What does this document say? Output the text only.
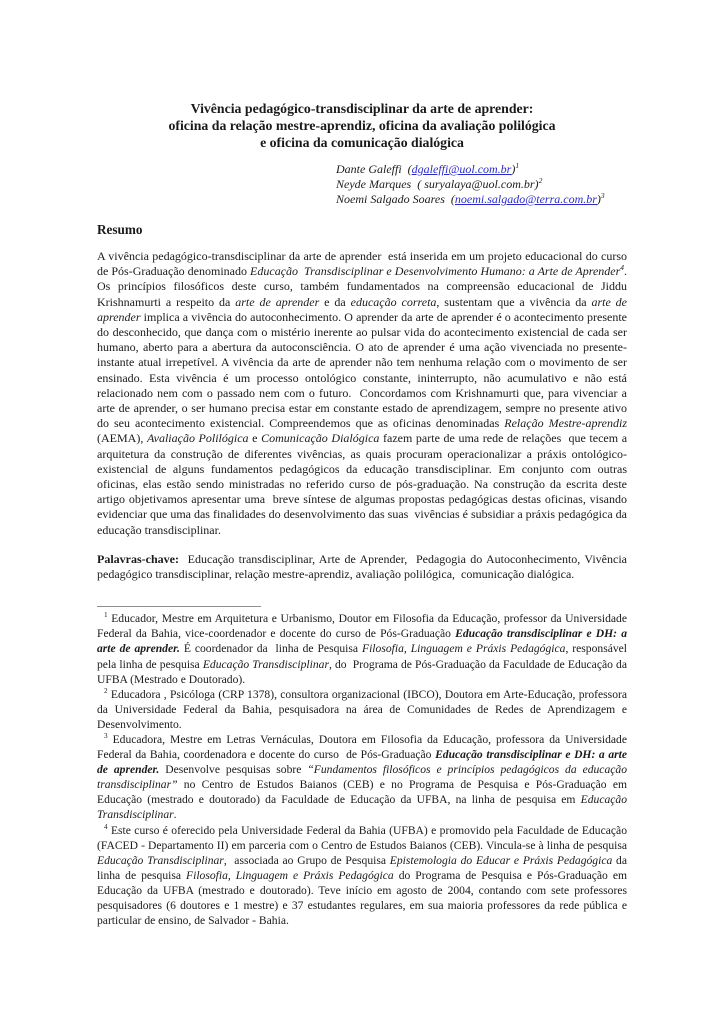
Vivência pedagógico-transdisciplinar da arte de aprender:
oficina da relação mestre-aprendiz, oficina da avaliação polilógica
e oficina da comunicação dialógica

Dante Galeffi  (dgaleffi@uol.com.br)$^1$

Neyde Marques  ( suryalaya@uol.com.br)$^2$

Noemi Salgado Soares  (noemi.salgado@terra.com.br)$^3$

Resumo

A vivência pedagógico-transdisciplinar da arte de aprender  está inserida em um projeto educacional do curso de Pós-Graduação denominado Educação  Transdisciplinar e Desenvolvimento Humano: a Arte de Aprender$^4$. Os princípios filosóficos deste curso, também fundamentados na compreensão educacional de Jiddu Krishnamurti a respeito da arte de aprender e da educação correta, sustentam que a vivência da arte de aprender implica a vivência do autoconhecimento. O aprender da arte de aprender é o acontecimento presente do desconhecido, que dança com o mistério inerente ao pulsar vida do acontecimento existencial de cada ser humano, aberto para a abertura da autoconsciência. O ato de aprender é uma ação vivenciada no presente-instante atual irrepetível. A vivência da arte de aprender não tem nenhuma relação com o movimento de ser ensinado. Esta vivência é um processo ontológico constante, ininterrupto, não acumulativo e não está relacionado nem com o passado nem com o futuro.  Concordamos com Krishnamurti que, para vivenciar a arte de aprender, o ser humano precisa estar em constante estado de aprendizagem, sempre no presente ativo do seu acontecimento existencial. Compreendemos que as oficinas denominadas Relação Mestre-aprendiz (AEMA), Avaliação Polilógica e Comunicação Dialógica fazem parte de uma rede de relações  que tecem a arquitetura da construção de diferentes vivências, as quais procuram operacionalizar a práxis ontológico-existencial de alguns fundamentos pedagógicos da educação transdisciplinar. Em conjunto com outras oficinas, elas estão sendo ministradas no referido curso de pós-graduação. Na construção da escrita deste artigo objetivamos apresentar uma  breve síntese de algumas propostas pedagógicas destas oficinas, visando evidenciar que uma das finalidades do desenvolvimento das suas  vivências é subsidiar a práxis pedagógica da educação transdisciplinar.

Palavras-chave:  Educação transdisciplinar, Arte de Aprender,  Pedagogia do Autoconhecimento, Vivência pedagógico transdisciplinar, relação mestre-aprendiz, avaliação polilógica,  comunicação dialógica.

$^1$ Educador, Mestre em Arquitetura e Urbanismo, Doutor em Filosofia da Educação, professor da Universidade Federal da Bahia, vice-coordenador e docente do curso de Pós-Graduação Educação transdisciplinar e DH: a arte de aprender. É coordenador da  linha de Pesquisa Filosofia, Linguagem e Práxis Pedagógica, responsável pela linha de pesquisa Educação Transdisciplinar, do  Programa de Pós-Graduação da Faculdade de Educação da UFBA (Mestrado e Doutorado).

$^2$ Educadora , Psicóloga (CRP 1378), consultora organizacional (IBCO), Doutora em Arte-Educação, professora da Universidade Federal da Bahia, pesquisadora na área de Comunidades de Redes de Aprendizagem e Desenvolvimento.

$^3$ Educadora, Mestre em Letras Vernáculas, Doutora em Filosofia da Educação, professora da Universidade Federal da Bahia, coordenadora e docente do curso  de Pós-Graduação Educação transdisciplinar e DH: a arte de aprender. Desenvolve pesquisas sobre “Fundamentos filosóficos e princípios pedagógicos da educação transdisciplinar” no Centro de Estudos Baianos (CEB) e no Programa de Pesquisa e Pós-Graduação em Educação (mestrado e doutorado) da Faculdade de Educação da UFBA, na linha de pesquisa em Educação Transdisciplinar.

$^4$ Este curso é oferecido pela Universidade Federal da Bahia (UFBA) e promovido pela Faculdade de Educação (FACED - Departamento II) em parceria com o Centro de Estudos Baianos (CEB). Vincula-se à linha de pesquisa Educação Transdisciplinar,  associada ao Grupo de Pesquisa Epistemologia do Educar e Práxis Pedagógica da linha de pesquisa Filosofia, Linguagem e Práxis Pedagógica do Programa de Pesquisa e Pós-Graduação em Educação da UFBA (mestrado e doutorado). Teve início em agosto de 2004, contando com sete professores pesquisadores (6 doutores e 1 mestre) e 37 estudantes regulares, em sua maioria professores da rede pública e particular de ensino, de Salvador - Bahia.
